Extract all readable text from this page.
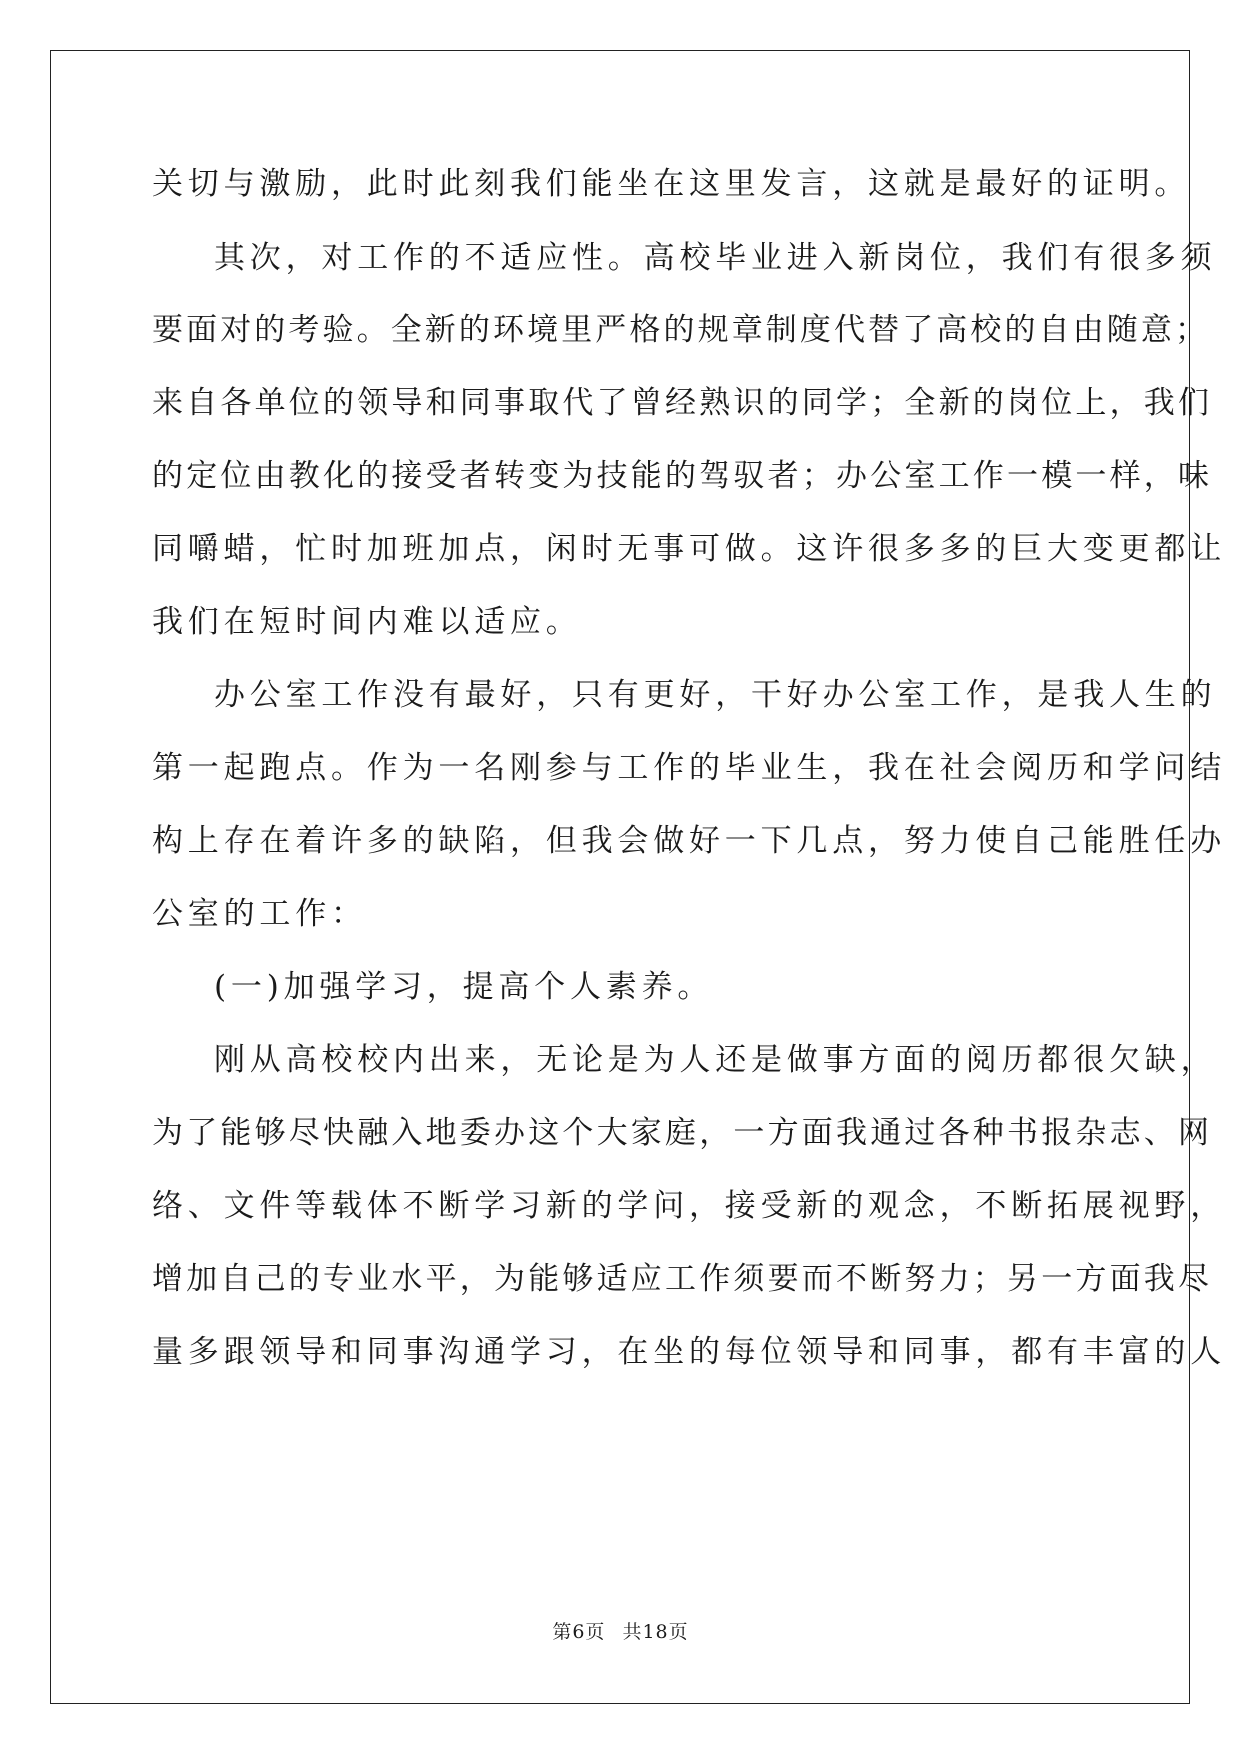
关切与激励，此时此刻我们能坐在这里发言，这就是最好的证明。
其次，对工作的不适应性。高校毕业进入新岗位，我们有很多须
要面对的考验。全新的环境里严格的规章制度代替了高校的自由随意；
来自各单位的领导和同事取代了曾经熟识的同学；全新的岗位上，我们
的定位由教化的接受者转变为技能的驾驭者；办公室工作一模一样，味
同嚼蜡，忙时加班加点，闲时无事可做。这许很多多的巨大变更都让
我们在短时间内难以适应。
办公室工作没有最好，只有更好，干好办公室工作，是我人生的
第一起跑点。作为一名刚参与工作的毕业生，我在社会阅历和学问结
构上存在着许多的缺陷，但我会做好一下几点，努力使自己能胜任办
公室的工作：
(一)加强学习，提高个人素养。
刚从高校校内出来，无论是为人还是做事方面的阅历都很欠缺，
为了能够尽快融入地委办这个大家庭，一方面我通过各种书报杂志、网
络、文件等载体不断学习新的学问，接受新的观念，不断拓展视野，
增加自己的专业水平，为能够适应工作须要而不断努力；另一方面我尽
量多跟领导和同事沟通学习，在坐的每位领导和同事，都有丰富的人
第6页 共18页
